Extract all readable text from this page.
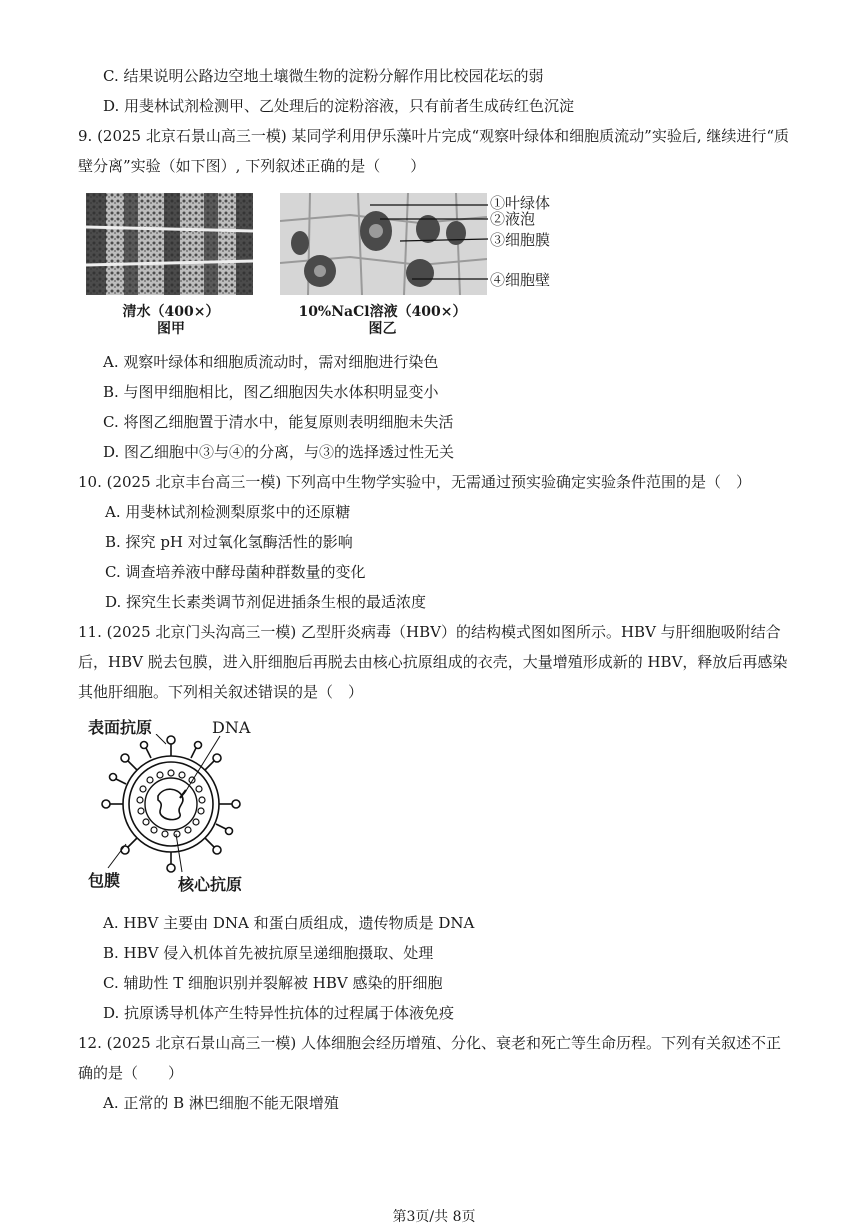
C. 结果说明公路边空地土壤微生物的淀粉分解作用比校园花坛的弱
D. 用斐林试剂检测甲、乙处理后的淀粉溶液，只有前者生成砖红色沉淀
9. (2025 北京石景山高三一模) 某同学利用伊乐藻叶片完成“观察叶绿体和细胞质流动”实验后, 继续进行“质
壁分离”实验（如下图）, 下列叙述正确的是（　　）
清水（400×）
图甲
①叶绿体
②液泡
③细胞膜
④细胞壁
10%NaCl溶液（400×）
图乙
A. 观察叶绿体和细胞质流动时，需对细胞进行染色
B. 与图甲细胞相比，图乙细胞因失水体积明显变小
C. 将图乙细胞置于清水中，能复原则表明细胞未失活
D. 图乙细胞中③与④的分离，与③的选择透过性无关
10. (2025 北京丰台高三一模) 下列高中生物学实验中，无需通过预实验确定实验条件范围的是（　）
A. 用斐林试剂检测梨原浆中的还原糖
B. 探究 pH 对过氧化氢酶活性的影响
C. 调查培养液中酵母菌种群数量的变化
D. 探究生长素类调节剂促进插条生根的最适浓度
11. (2025 北京门头沟高三一模) 乙型肝炎病毒（HBV）的结构模式图如图所示。HBV 与肝细胞吸附结合
后，HBV 脱去包膜，进入肝细胞后再脱去由核心抗原组成的衣壳，大量增殖形成新的 HBV，释放后再感染
其他肝细胞。下列相关叙述错误的是（　）
表面抗原	DNA
包膜	核心抗原
A. HBV 主要由 DNA 和蛋白质组成，遗传物质是 DNA
B. HBV 侵入机体首先被抗原呈递细胞摄取、处理
C. 辅助性 T 细胞识别并裂解被 HBV 感染的肝细胞
D. 抗原诱导机体产生特异性抗体的过程属于体液免疫
12. (2025 北京石景山高三一模) 人体细胞会经历增殖、分化、衰老和死亡等生命历程。下列有关叙述不正
确的是（　　）
A. 正常的 B 淋巴细胞不能无限增殖
第3页/共 8页
